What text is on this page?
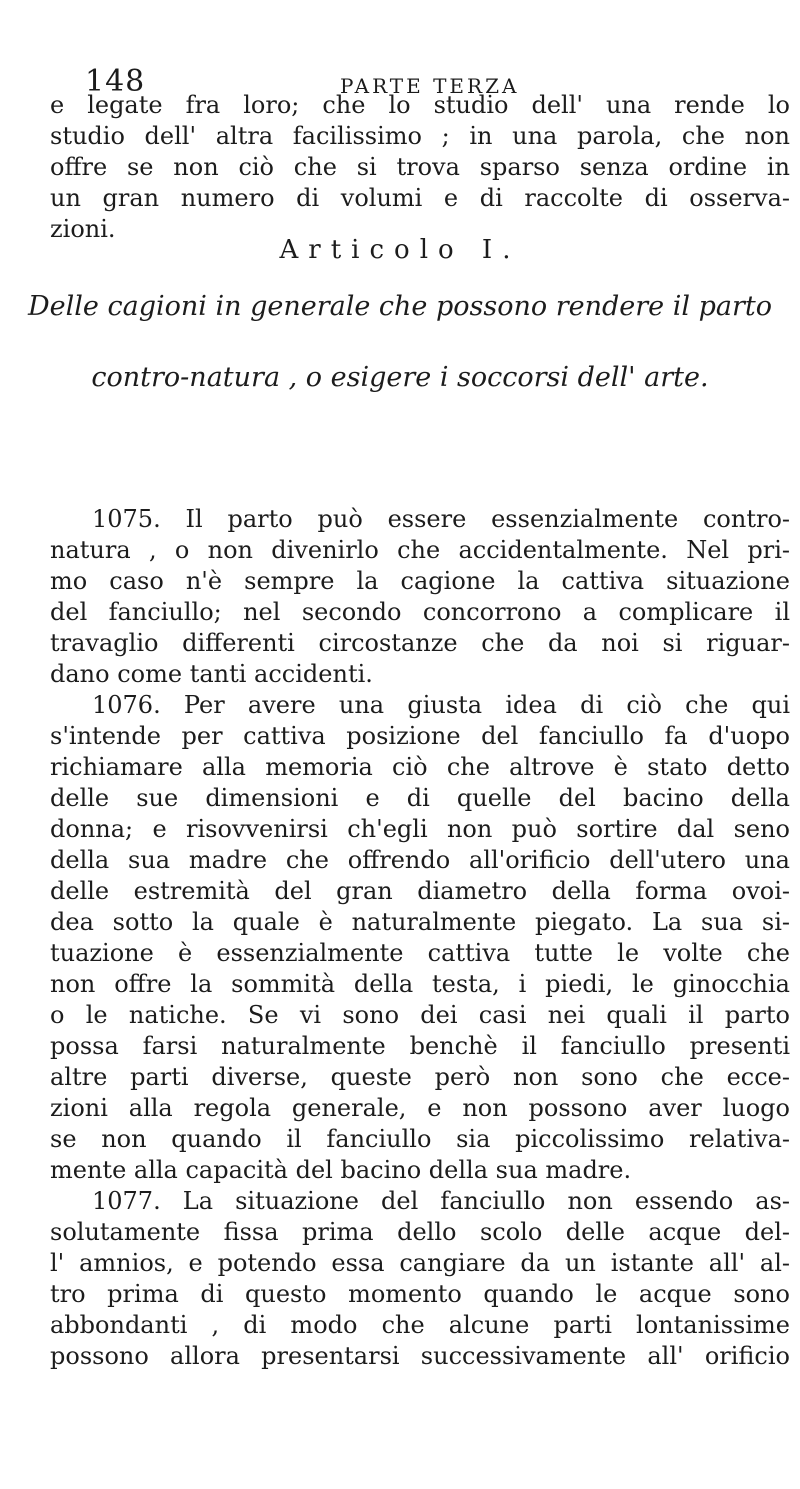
148	PARTE TERZA
e legate fra loro; che lo studio dell' una rende lo
studio dell' altra facilissimo ; in una parola, che non
offre se non ciò che si trova sparso senza ordine in
un gran numero di volumi e di raccolte di osserva-
zioni.
Articolo I.
Delle cagioni in generale che possono rendere il parto
contro-natura , o esigere i soccorsi dell' arte.
1075. Il parto può essere essenzialmente contro-
natura , o non divenirlo che accidentalmente. Nel pri-
mo caso n'è sempre la cagione la cattiva situazione
del fanciullo; nel secondo concorrono a complicare il
travaglio differenti circostanze che da noi si riguar-
dano come tanti accidenti.
1076. Per avere una giusta idea di ciò che qui
s'intende per cattiva posizione del fanciullo fa d'uopo
richiamare alla memoria ciò che altrove è stato detto
delle sue dimensioni e di quelle del bacino della
donna; e risovvenirsi ch'egli non può sortire dal seno
della sua madre che offrendo all'orificio dell'utero una
delle estremità del gran diametro della forma ovoi-
dea sotto la quale è naturalmente piegato. La sua si-
tuazione è essenzialmente cattiva tutte le volte che
non offre la sommità della testa, i piedi, le ginocchia
o le natiche. Se vi sono dei casi nei quali il parto
possa farsi naturalmente benchè il fanciullo presenti
altre parti diverse, queste però non sono che ecce-
zioni alla regola generale, e non possono aver luogo
se non quando il fanciullo sia piccolissimo relativa-
mente alla capacità del bacino della sua madre.
1077. La situazione del fanciullo non essendo as-
solutamente fissa prima dello scolo delle acque del-
l' amnios, e potendo essa cangiare da un istante all' al-
tro prima di questo momento quando le acque sono
abbondanti , di modo che alcune parti lontanissime
possono allora presentarsi successivamente all' orificio
